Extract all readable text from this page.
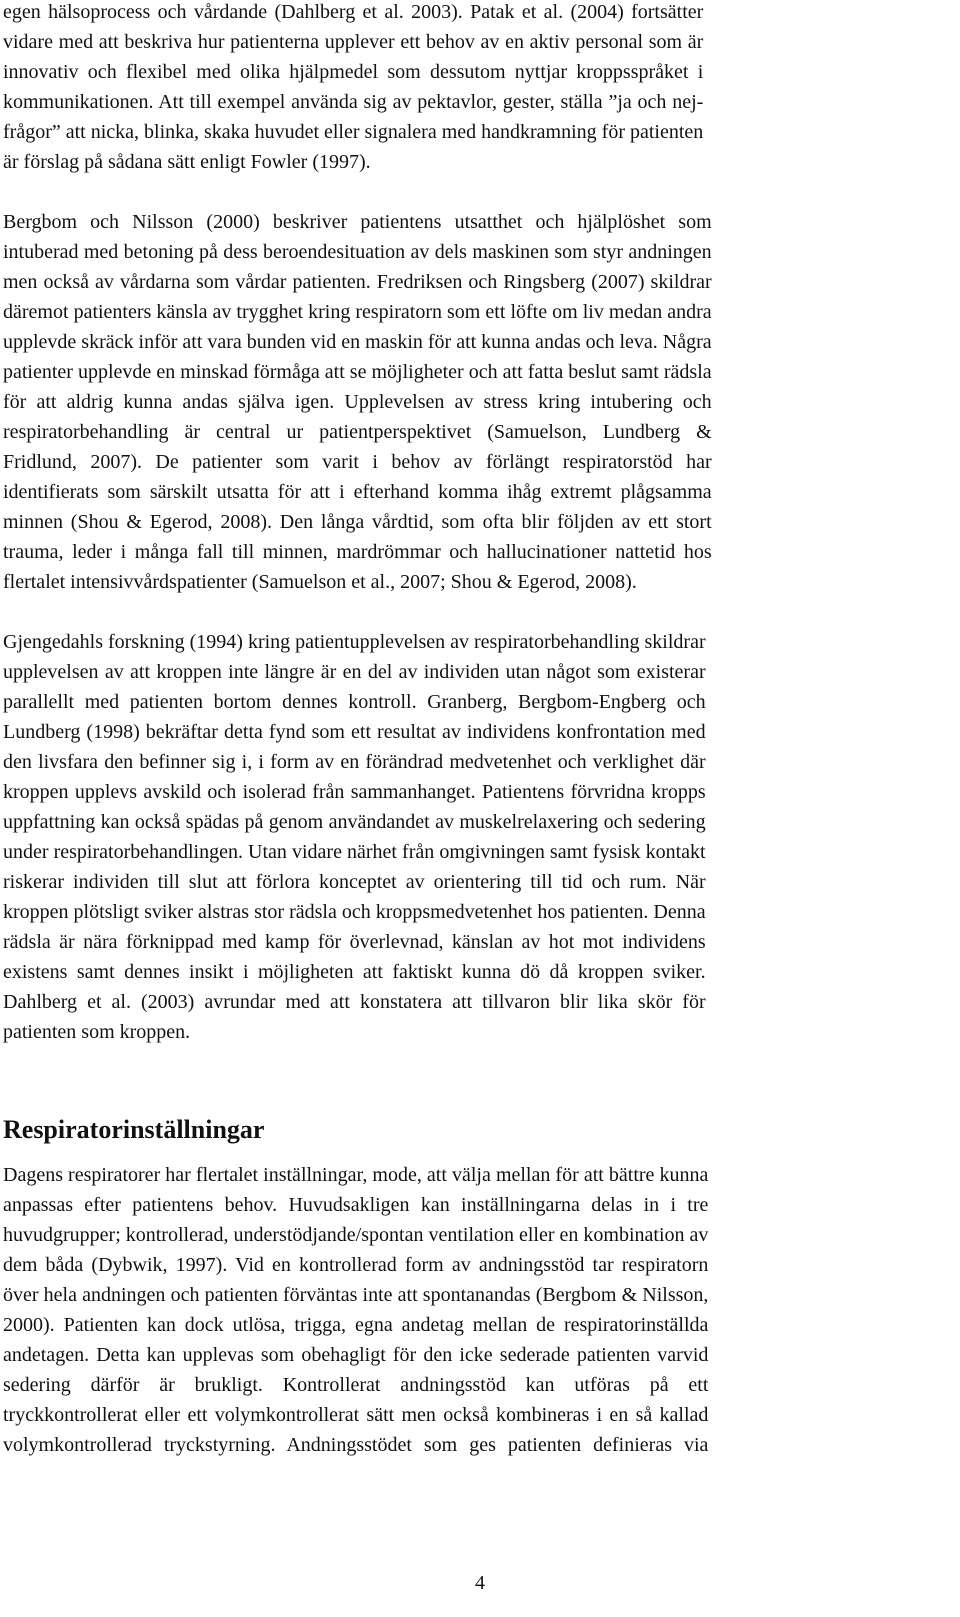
egen hälsoprocess och vårdande (Dahlberg et al. 2003). Patak et al. (2004) fortsätter
vidare med att beskriva hur patienterna upplever ett behov av en aktiv personal som är
innovativ och flexibel med olika hjälpmedel som dessutom nyttjar kroppsspråket i
kommunikationen. Att till exempel använda sig av pektavlor, gester, ställa ”ja och nej-
frågor” att nicka, blinka, skaka huvudet eller signalera med handkramning för patienten
är förslag på sådana sätt enligt Fowler (1997).
Bergbom och Nilsson (2000) beskriver patientens utsatthet och hjälplöshet som
intuberad med betoning på dess beroendesituation av dels maskinen som styr andningen
men också av vårdarna som vårdar patienten. Fredriksen och Ringsberg (2007) skildrar
däremot patienters känsla av trygghet kring respiratorn som ett löfte om liv medan andra
upplevde skräck inför att vara bunden vid en maskin för att kunna andas och leva. Några
patienter upplevde en minskad förmåga att se möjligheter och att fatta beslut samt rädsla
för att aldrig kunna andas själva igen. Upplevelsen av stress kring intubering och
respiratorbehandling är central ur patientperspektivet (Samuelson, Lundberg &
Fridlund, 2007). De patienter som varit i behov av förlängt respiratorstöd har
identifierats som särskilt utsatta för att i efterhand komma ihåg extremt plågsamma
minnen (Shou & Egerod, 2008). Den långa vårdtid, som ofta blir följden av ett stort
trauma, leder i många fall till minnen, mardrömmar och hallucinationer nattetid hos
flertalet intensivvårdspatienter (Samuelson et al., 2007; Shou & Egerod, 2008).
Gjengedahls forskning (1994) kring patientupplevelsen av respiratorbehandling skildrar
upplevelsen av att kroppen inte längre är en del av individen utan något som existerar
parallellt med patienten bortom dennes kontroll. Granberg, Bergbom-Engberg och
Lundberg (1998) bekräftar detta fynd som ett resultat av individens konfrontation med
den livsfara den befinner sig i, i form av en förändrad medvetenhet och verklighet där
kroppen upplevs avskild och isolerad från sammanhanget. Patientens förvridna kropps
uppfattning kan också spädas på genom användandet av muskelrelaxering och sedering
under respiratorbehandlingen. Utan vidare närhet från omgivningen samt fysisk kontakt
riskerar individen till slut att förlora konceptet av orientering till tid och rum. När
kroppen plötsligt sviker alstras stor rädsla och kroppsmedvetenhet hos patienten. Denna
rädsla är nära förknippad med kamp för överlevnad, känslan av hot mot individens
existens samt dennes insikt i möjligheten att faktiskt kunna dö då kroppen sviker.
Dahlberg et al. (2003) avrundar med att konstatera att tillvaron blir lika skör för
patienten som kroppen.
Respiratorinställningar
Dagens respiratorer har flertalet inställningar, mode, att välja mellan för att bättre kunna
anpassas efter patientens behov. Huvudsakligen kan inställningarna delas in i tre
huvudgrupper; kontrollerad, understödjande/spontan ventilation eller en kombination av
dem båda (Dybwik, 1997). Vid en kontrollerad form av andningsstöd tar respiratorn
över hela andningen och patienten förväntas inte att spontanandas (Bergbom & Nilsson,
2000). Patienten kan dock utlösa, trigga, egna andetag mellan de respiratorinställda
andetagen. Detta kan upplevas som obehagligt för den icke sederade patienten varvid
sedering därför är brukligt. Kontrollerat andningsstöd kan utföras på ett
tryckkontrollerat eller ett volymkontrollerat sätt men också kombineras i en så kallad
volymkontrollerad tryckstyrning. Andningsstödet som ges patienten definieras via
4
